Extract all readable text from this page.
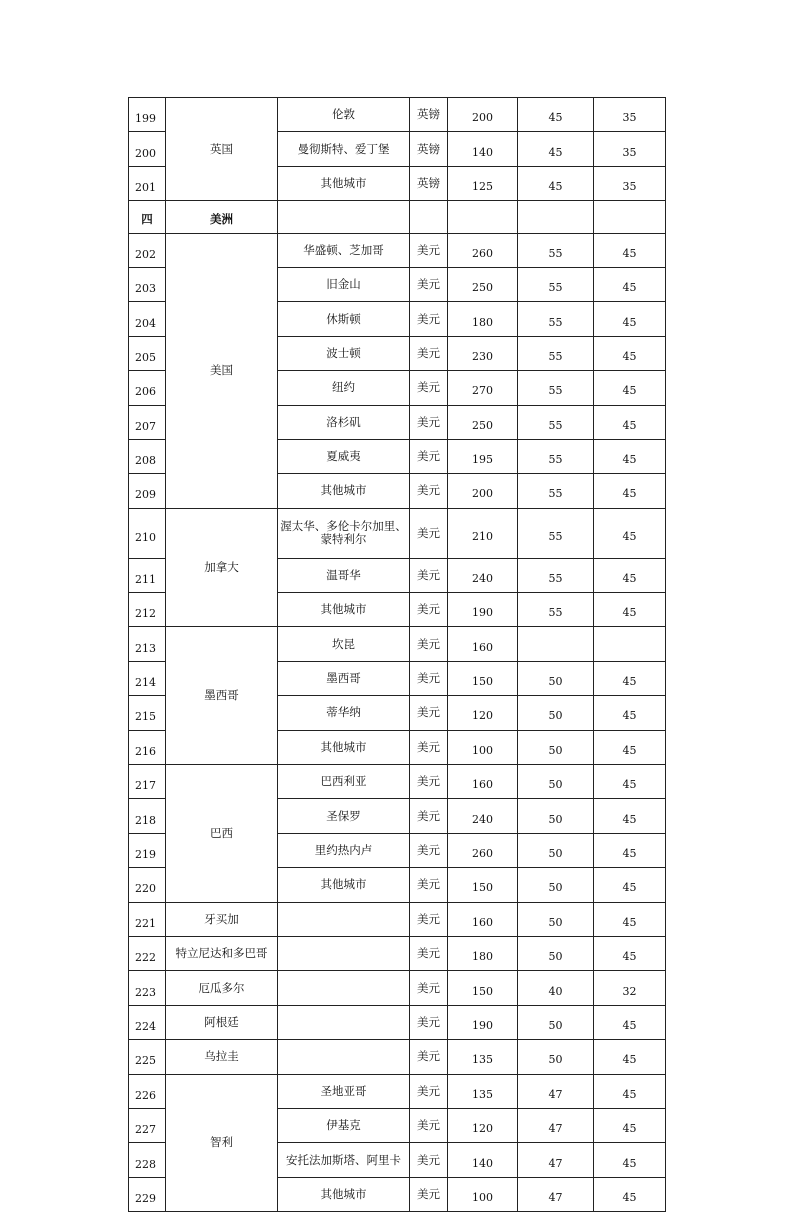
199	英国	伦敦	英镑	200	45	35
200		曼彻斯特、爱丁堡	英镑	140	45	35
201		其他城市	英镑	125	45	35
四	美洲					
202	美国	华盛顿、芝加哥	美元	260	55	45
203		旧金山	美元	250	55	45
204		休斯顿	美元	180	55	45
205		波士顿	美元	230	55	45
206		纽约	美元	270	55	45
207		洛杉矶	美元	250	55	45
208		夏威夷	美元	195	55	45
209		其他城市	美元	200	55	45
210	加拿大	渥太华、多伦卡尔加里、蒙特利尔	美元	210	55	45
211		温哥华	美元	240	55	45
212		其他城市	美元	190	55	45
213	墨西哥	坎昆	美元	160		
214		墨西哥	美元	150	50	45
215		蒂华纳	美元	120	50	45
216		其他城市	美元	100	50	45
217	巴西	巴西利亚	美元	160	50	45
218		圣保罗	美元	240	50	45
219		里约热内卢	美元	260	50	45
220		其他城市	美元	150	50	45
221	牙买加		美元	160	50	45
222	特立尼达和多巴哥		美元	180	50	45
223	厄瓜多尔		美元	150	40	32
224	阿根廷		美元	190	50	45
225	乌拉圭		美元	135	50	45
226	智利	圣地亚哥	美元	135	47	45
227		伊基克	美元	120	47	45
228		安托法加斯塔、阿里卡	美元	140	47	45
229		其他城市	美元	100	47	45
